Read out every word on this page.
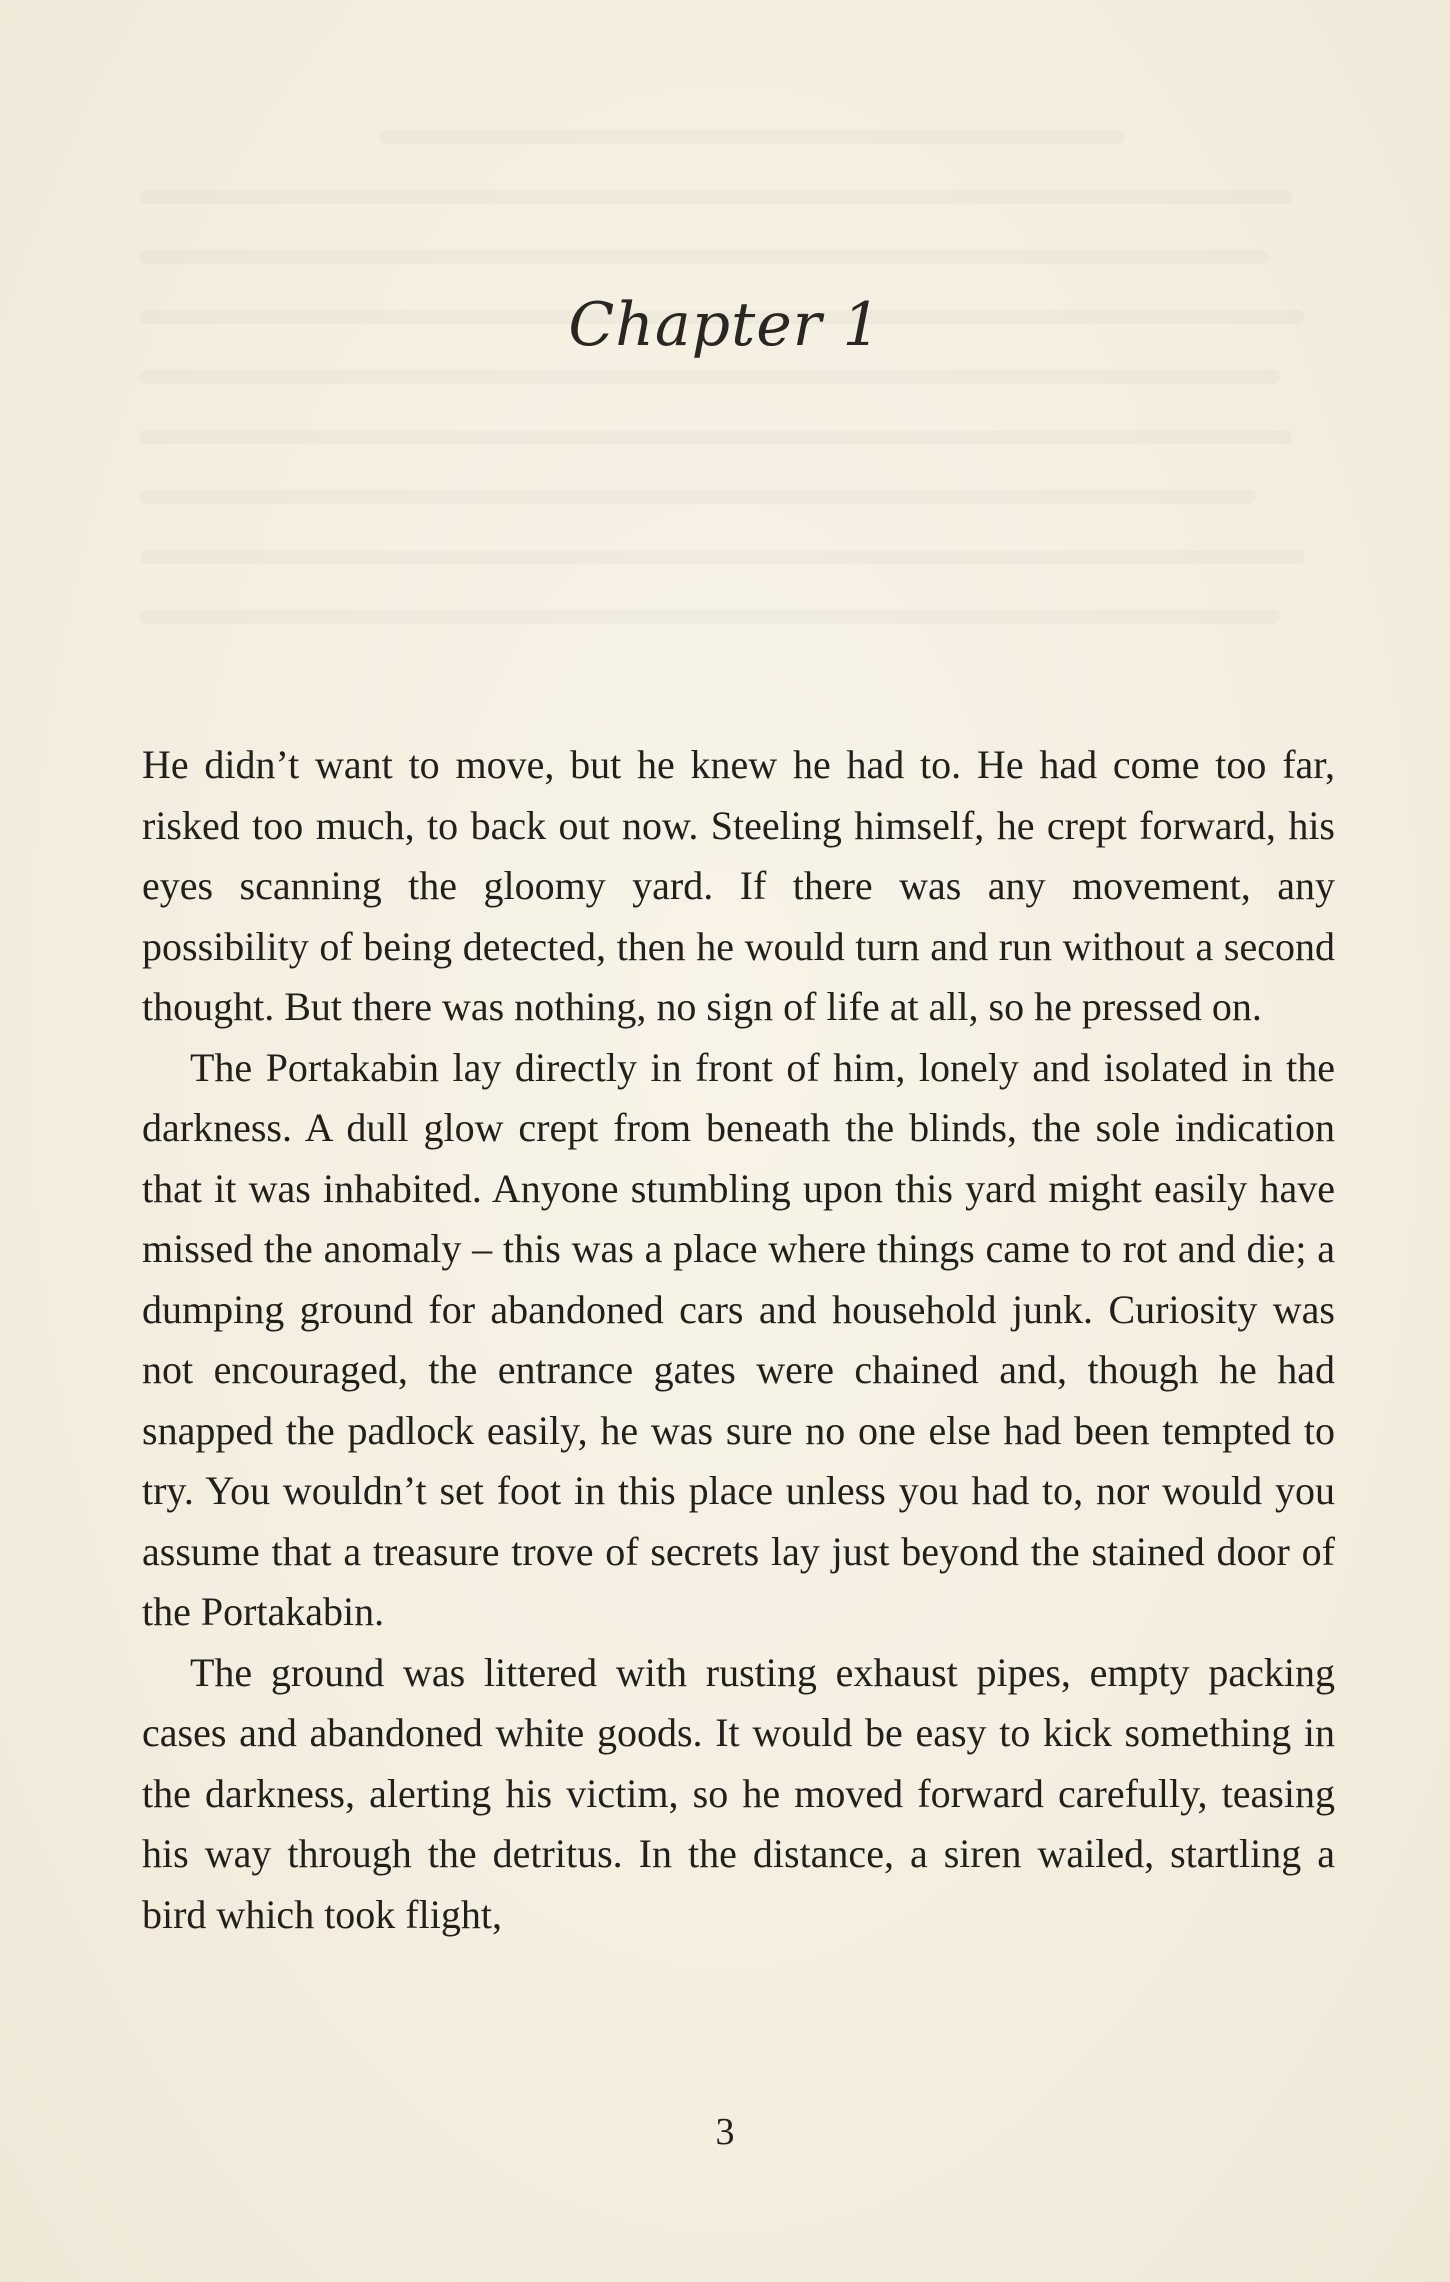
Chapter 1

He didn’t want to move, but he knew he had to. He had come too far, risked too much, to back out now. Steeling himself, he crept forward, his eyes scanning the gloomy yard. If there was any movement, any possibility of being detected, then he would turn and run without a second thought. But there was nothing, no sign of life at all, so he pressed on.

The Portakabin lay directly in front of him, lonely and isolated in the darkness. A dull glow crept from beneath the blinds, the sole indication that it was inhabited. Anyone stumbling upon this yard might easily have missed the anomaly – this was a place where things came to rot and die; a dumping ground for abandoned cars and household junk. Curiosity was not encouraged, the entrance gates were chained and, though he had snapped the padlock easily, he was sure no one else had been tempted to try. You wouldn’t set foot in this place unless you had to, nor would you assume that a treasure trove of secrets lay just beyond the stained door of the Portakabin.

The ground was littered with rusting exhaust pipes, empty packing cases and abandoned white goods. It would be easy to kick something in the darkness, alerting his victim, so he moved forward carefully, teasing his way through the detritus. In the distance, a siren wailed, startling a bird which took flight,

3
